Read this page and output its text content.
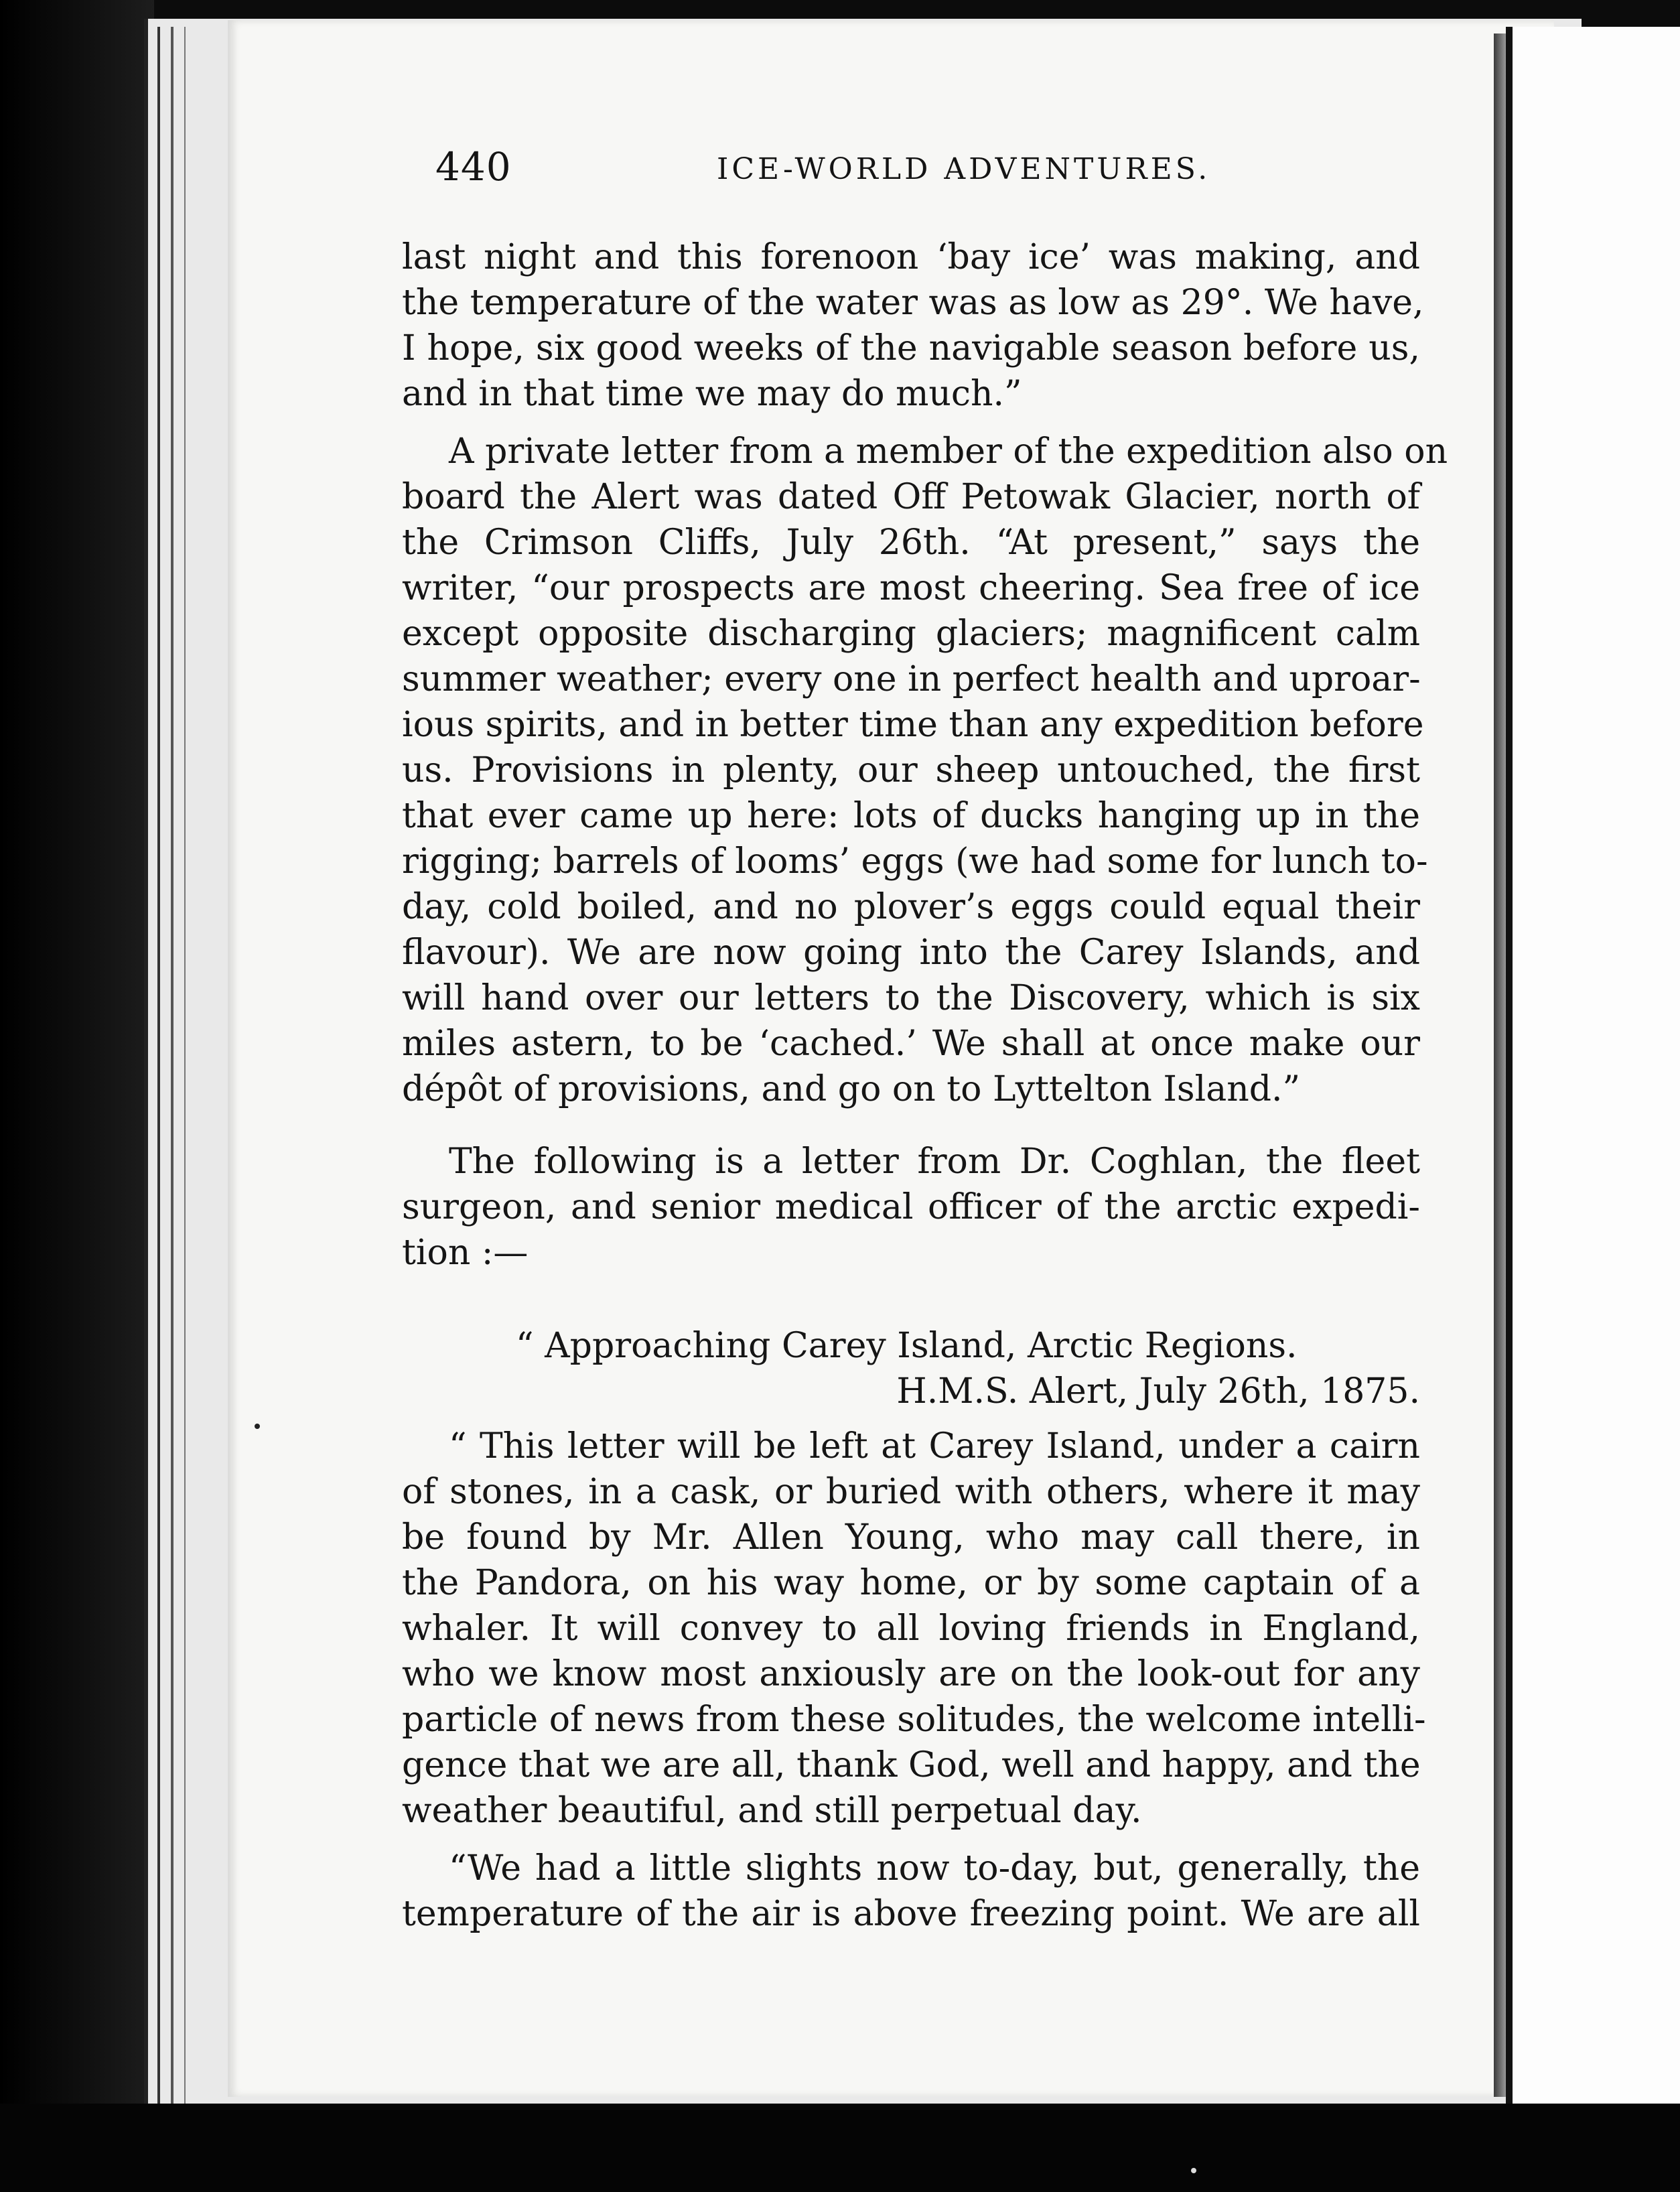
440	ICE-WORLD ADVENTURES.
last night and this forenoon ‘bay ice’ was making, and
the temperature of the water was as low as 29°. We have,
I hope, six good weeks of the navigable season before us,
and in that time we may do much.”
A private letter from a member of the expedition also on
board the Alert was dated Off Petowak Glacier, north of
the Crimson Cliffs, July 26th. “At present,” says the
writer, “our prospects are most cheering. Sea free of ice
except opposite discharging glaciers; magnificent calm
summer weather; every one in perfect health and uproar-
ious spirits, and in better time than any expedition before
us. Provisions in plenty, our sheep untouched, the first
that ever came up here: lots of ducks hanging up in the
rigging; barrels of looms’ eggs (we had some for lunch to-
day, cold boiled, and no plover’s eggs could equal their
flavour). We are now going into the Carey Islands, and
will hand over our letters to the Discovery, which is six
miles astern, to be ‘cached.’ We shall at once make our
dépôt of provisions, and go on to Lyttelton Island.”
The following is a letter from Dr. Coghlan, the fleet
surgeon, and senior medical officer of the arctic expedi-
tion :—
“ Approaching Carey Island, Arctic Regions.
H.M.S. Alert, July 26th, 1875.
“ This letter will be left at Carey Island, under a cairn
of stones, in a cask, or buried with others, where it may
be found by Mr. Allen Young, who may call there, in
the Pandora, on his way home, or by some captain of a
whaler. It will convey to all loving friends in England,
who we know most anxiously are on the look-out for any
particle of news from these solitudes, the welcome intelli-
gence that we are all, thank God, well and happy, and the
weather beautiful, and still perpetual day.
“We had a little slights now to-day, but, generally, the
temperature of the air is above freezing point. We are all
